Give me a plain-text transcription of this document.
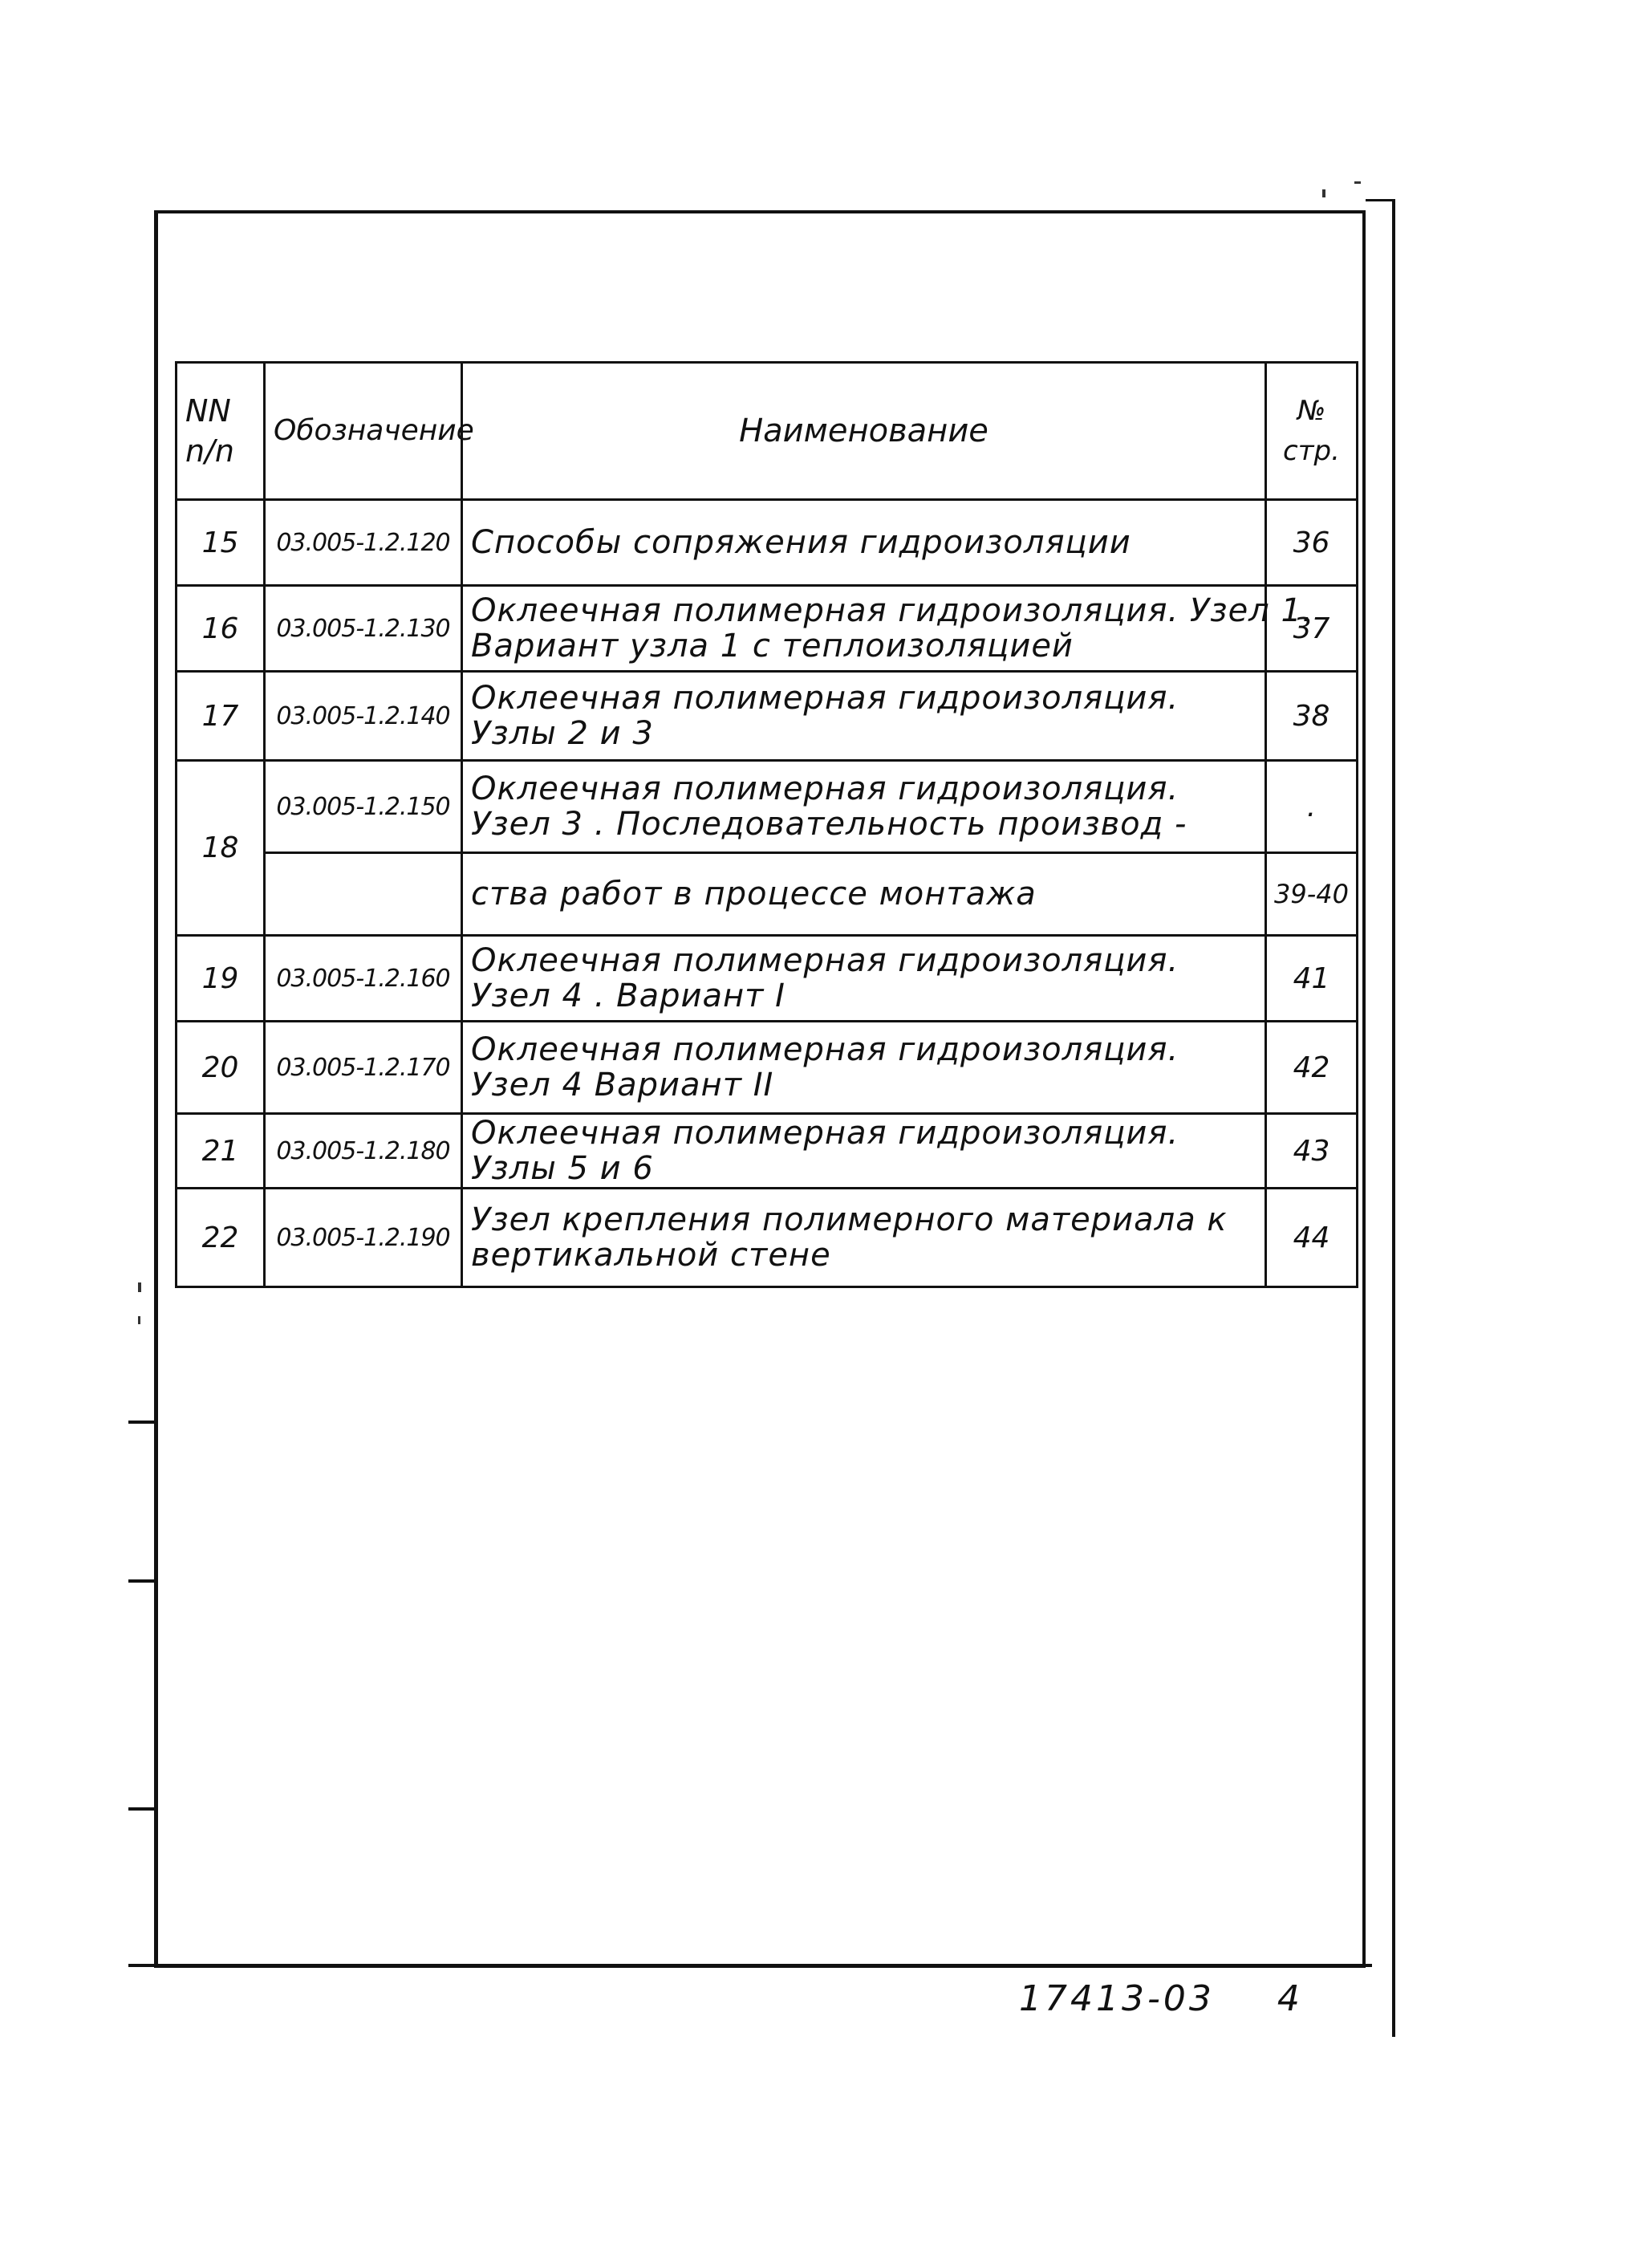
NN
n/n	Обозначение	Наименование	№
стр.

15	03.005-1.2.120	Способы сопряжения гидроизоляции	36
16	03.005-1.2.130	Оклеечная полимерная гидроизоляция. Узел 1.
Вариант узла 1 с теплоизоляцией	37
17	03.005-1.2.140	Оклеечная полимерная гидроизоляция.
Узлы 2 и 3	38
18	03.005-1.2.150	Оклеечная полимерная гидроизоляция.
Узел 3 . Последовательность производ -	.

		ства работ в процессе монтажа	39-40
19	03.005-1.2.160	Оклеечная полимерная гидроизоляция.
Узел 4 . Вариант I	41
20	03.005-1.2.170	Оклеечная полимерная гидроизоляция.
Узел 4 Вариант II	42
21	03.005-1.2.180	Оклеечная полимерная гидроизоляция.
Узлы 5 и 6	43
22	03.005-1.2.190	Узел крепления полимерного материала к
вертикальной стене	44
17413-03 4
